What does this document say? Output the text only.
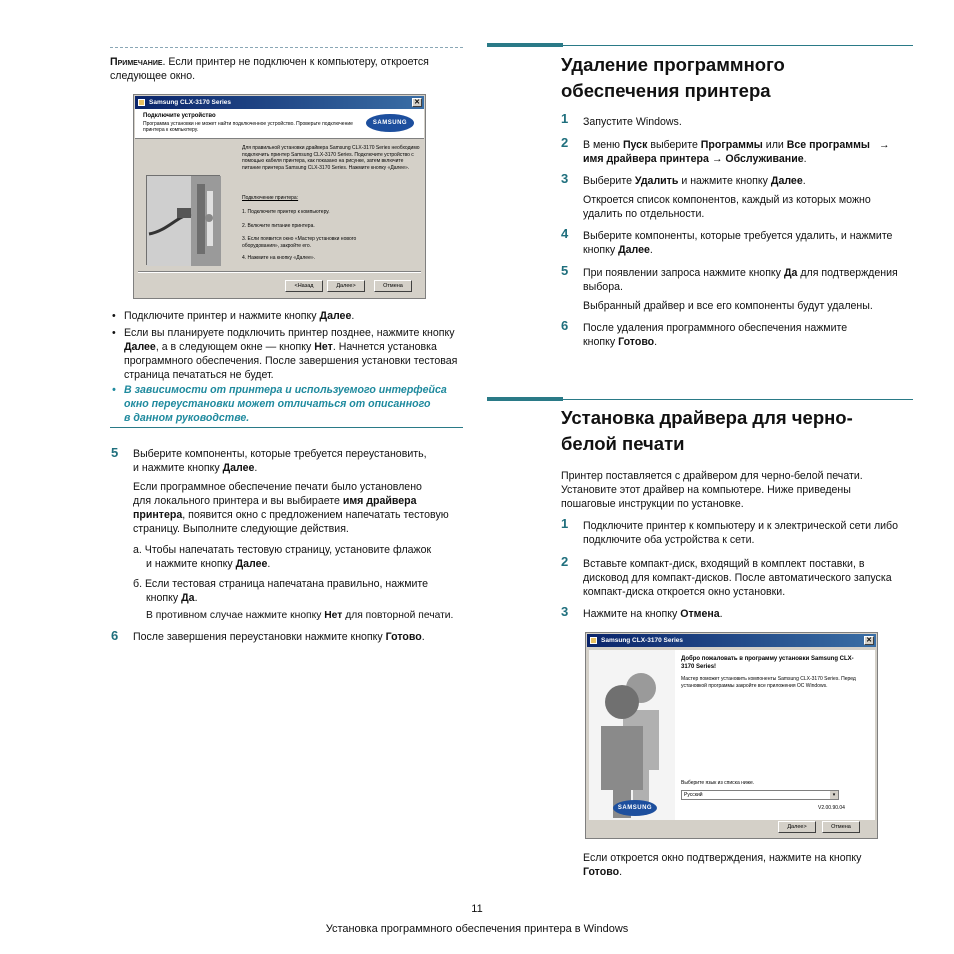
Примечание. Если принтер не подключен к компьютеру, откроется следующее окно.
Samsung CLX-3170 Series	✕
Подключите устройство
Программа установки не может найти подключенное устройство. Проверьте подключение принтера к компьютеру.
SAMSUNG
Для правильной установки драйвера Samsung CLX-3170 Series необходимо подключить принтер Samsung CLX-3170 Series. Подключите устройство с помощью кабеля принтера, как показано на рисунке, затем включите питание принтера Samsung CLX-3170 Series. Нажмите кнопку «Далее».
Подключение принтера:
1. Подключите принтер к компьютеру.
2. Включите питание принтера.
3. Если появится окно «Мастер установки нового оборудования», закройте его.
4. Нажмите на кнопку «Далее».
<Назад	Далее>	Отмена
• Подключите принтер и нажмите кнопку Далее.
• Если вы планируете подключить принтер позднее, нажмите кнопку
Далее, а в следующем окне — кнопку Нет. Начнется установка
программного обеспечения. После завершения установки тестовая
страница печататься не будет.
• В зависимости от принтера и используемого интерфейса
окно переустановки может отличаться от описанного
в данном руководстве.
5 Выберите компоненты, которые требуется переустановить,
и нажмите кнопку Далее.
Если программное обеспечение печати было установлено
для локального принтера и вы выбираете имя драйвера
принтера, появится окно с предложением напечатать тестовую
страницу. Выполните следующие действия.
а. Чтобы напечатать тестовую страницу, установите флажок
и нажмите кнопку Далее.
б. Если тестовая страница напечатана правильно, нажмите
кнопку Да.
В противном случае нажмите кнопку Нет для повторной печати.
6 После завершения переустановки нажмите кнопку Готово.
Удаление программного
обеспечения принтера
1 Запустите Windows.
2 В меню Пуск выберите Программы или Все программы →
имя драйвера принтера → Обслуживание.
3 Выберите Удалить и нажмите кнопку Далее.
Откроется список компонентов, каждый из которых можно
удалить по отдельности.
4 Выберите компоненты, которые требуется удалить, и нажмите
кнопку Далее.
5 При появлении запроса нажмите кнопку Да для подтверждения
выбора.
Выбранный драйвер и все его компоненты будут удалены.
6 После удаления программного обеспечения нажмите
кнопку Готово.
Установка драйвера для черно-
белой печати
Принтер поставляется с драйвером для черно-белой печати.
Установите этот драйвер на компьютере. Ниже приведены
пошаговые инструкции по установке.
1 Подключите принтер к компьютеру и к электрической сети либо
подключите оба устройства к сети.
2 Вставьте компакт-диск, входящий в комплект поставки, в
дисковод для компакт-дисков. После автоматического запуска
компакт-диска откроется окно установки.
3 Нажмите на кнопку Отмена.
Samsung CLX-3170 Series	✕
SAMSUNG
Добро пожаловать в программу установки Samsung CLX-3170 Series!
Мастер поможет установить компоненты Samsung CLX-3170 Series. Перед установкой программы закройте все приложения ОС Windows.
Выберите язык из списка ниже.
Русский	▾
V2.00.90.04
Далее>	Отмена
Если откроется окно подтверждения, нажмите на кнопку
Готово.
11
Установка программного обеспечения принтера в Windows
